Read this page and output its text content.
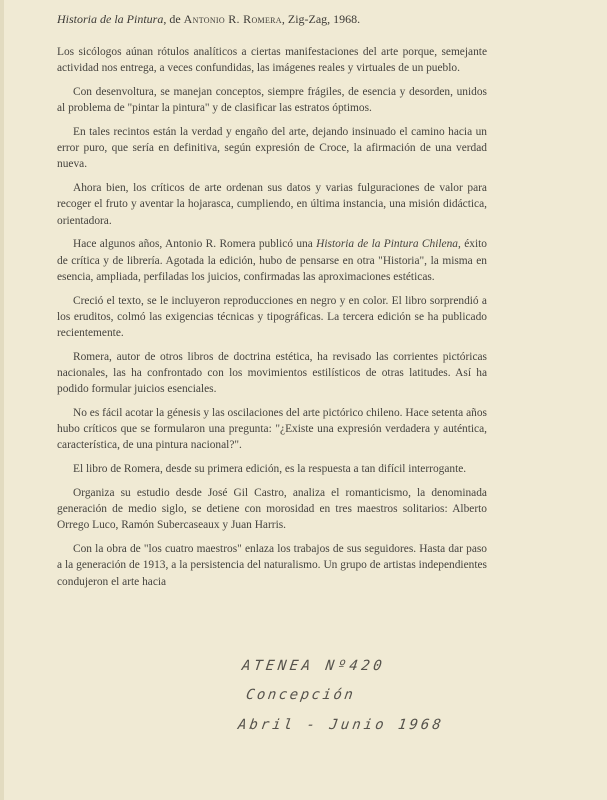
Historia de la Pintura, de Antonio R. Romera, Zig-Zag, 1968.

Los sicólogos aúnan rótulos analíticos a ciertas manifestaciones del arte porque, semejante actividad nos entrega, a veces confundidas, las imágenes reales y virtuales de un pueblo.

Con desenvoltura, se manejan conceptos, siempre frágiles, de esencia y desorden, unidos al problema de "pintar la pintura" y de clasificar las estratos óptimos.

En tales recintos están la verdad y engaño del arte, dejando insinuado el camino hacia un error puro, que sería en definitiva, según expresión de Croce, la afirmación de una verdad nueva.

Ahora bien, los críticos de arte ordenan sus datos y varias fulguraciones de valor para recoger el fruto y aventar la hojarasca, cumpliendo, en última instancia, una misión didáctica, orientadora.

Hace algunos años, Antonio R. Romera publicó una Historia de la Pintura Chilena, éxito de crítica y de librería. Agotada la edición, hubo de pensarse en otra "Historia", la misma en esencia, ampliada, perfiladas los juicios, confirmadas las aproximaciones estéticas.

Creció el texto, se le incluyeron reproducciones en negro y en color. El libro sorprendió a los eruditos, colmó las exigencias técnicas y tipográficas. La tercera edición se ha publicado recientemente.

Romera, autor de otros libros de doctrina estética, ha revisado las corrientes pictóricas nacionales, las ha confrontado con los movimientos estilísticos de otras latitudes. Así ha podido formular juicios esenciales.

No es fácil acotar la génesis y las oscilaciones del arte pictórico chileno. Hace setenta años hubo críticos que se formularon una pregunta: "¿Existe una expresión verdadera y auténtica, característica, de una pintura nacional?".

El libro de Romera, desde su primera edición, es la respuesta a tan difícil interrogante.

Organiza su estudio desde José Gil Castro, analiza el romanticismo, la denominada generación de medio siglo, se detiene con morosidad en tres maestros solitarios: Alberto Orrego Luco, Ramón Subercaseaux y Juan Harris.

Con la obra de "los cuatro maestros" enlaza los trabajos de sus seguidores. Hasta dar paso a la generación de 1913, a la persistencia del naturalismo. Un grupo de artistas independientes condujeron el arte hacia

ATENEA Nº420
Concepción
Abril - Junio 1968
